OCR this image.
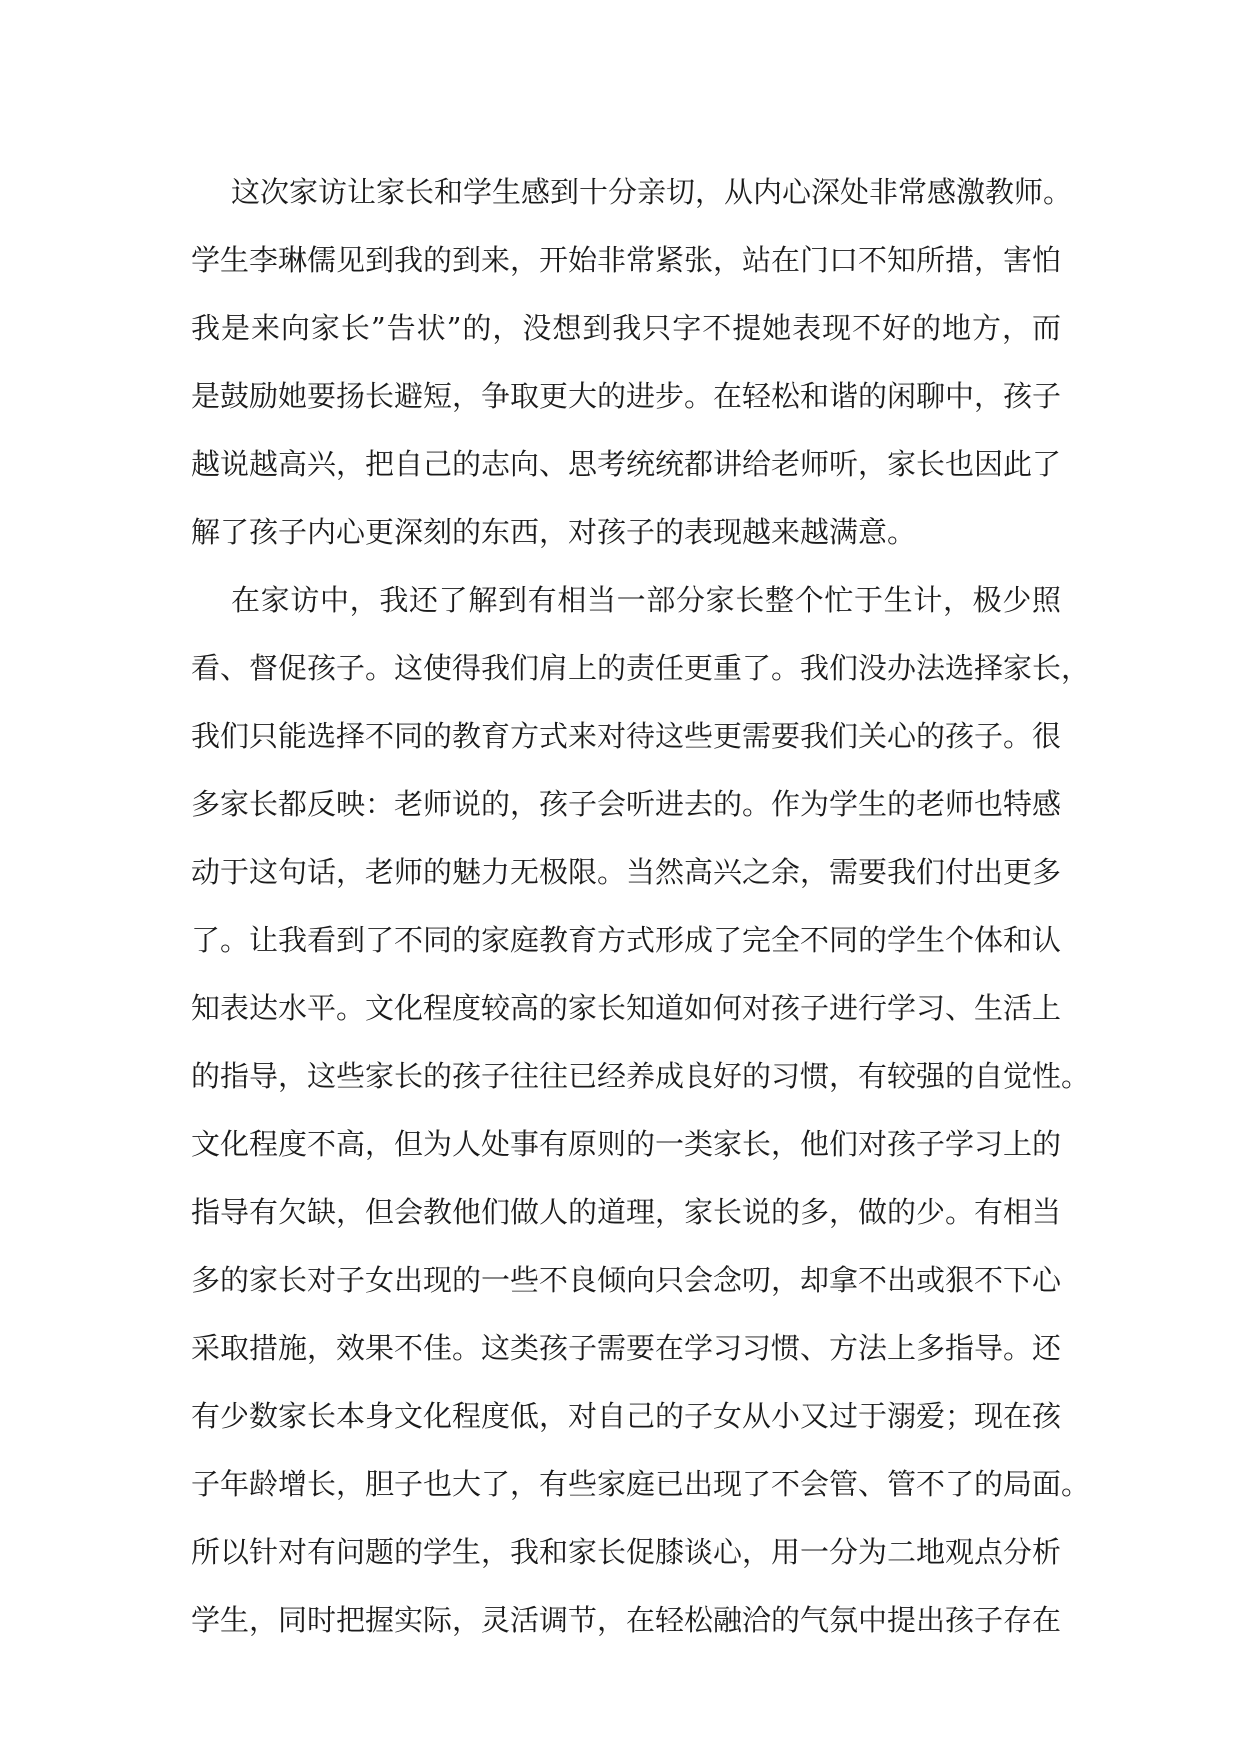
这次家访让家长和学生感到十分亲切，从内心深处非常感激教师。
学生李琳儒见到我的到来，开始非常紧张，站在门口不知所措，害怕
我是来向家长”告状”的，没想到我只字不提她表现不好的地方，而
是鼓励她要扬长避短，争取更大的进步。在轻松和谐的闲聊中，孩子
越说越高兴，把自己的志向、思考统统都讲给老师听，家长也因此了
解了孩子内心更深刻的东西，对孩子的表现越来越满意。
在家访中，我还了解到有相当一部分家长整个忙于生计，极少照
看、督促孩子。这使得我们肩上的责任更重了。我们没办法选择家长，
我们只能选择不同的教育方式来对待这些更需要我们关心的孩子。很
多家长都反映：老师说的，孩子会听进去的。作为学生的老师也特感
动于这句话，老师的魅力无极限。当然高兴之余，需要我们付出更多
了。让我看到了不同的家庭教育方式形成了完全不同的学生个体和认
知表达水平。文化程度较高的家长知道如何对孩子进行学习、生活上
的指导，这些家长的孩子往往已经养成良好的习惯，有较强的自觉性。
文化程度不高，但为人处事有原则的一类家长，他们对孩子学习上的
指导有欠缺，但会教他们做人的道理，家长说的多，做的少。有相当
多的家长对子女出现的一些不良倾向只会念叨，却拿不出或狠不下心
采取措施，效果不佳。这类孩子需要在学习习惯、方法上多指导。还
有少数家长本身文化程度低，对自己的子女从小又过于溺爱；现在孩
子年龄增长，胆子也大了，有些家庭已出现了不会管、管不了的局面。
所以针对有问题的学生，我和家长促膝谈心，用一分为二地观点分析
学生，同时把握实际，灵活调节，在轻松融洽的气氛中提出孩子存在
